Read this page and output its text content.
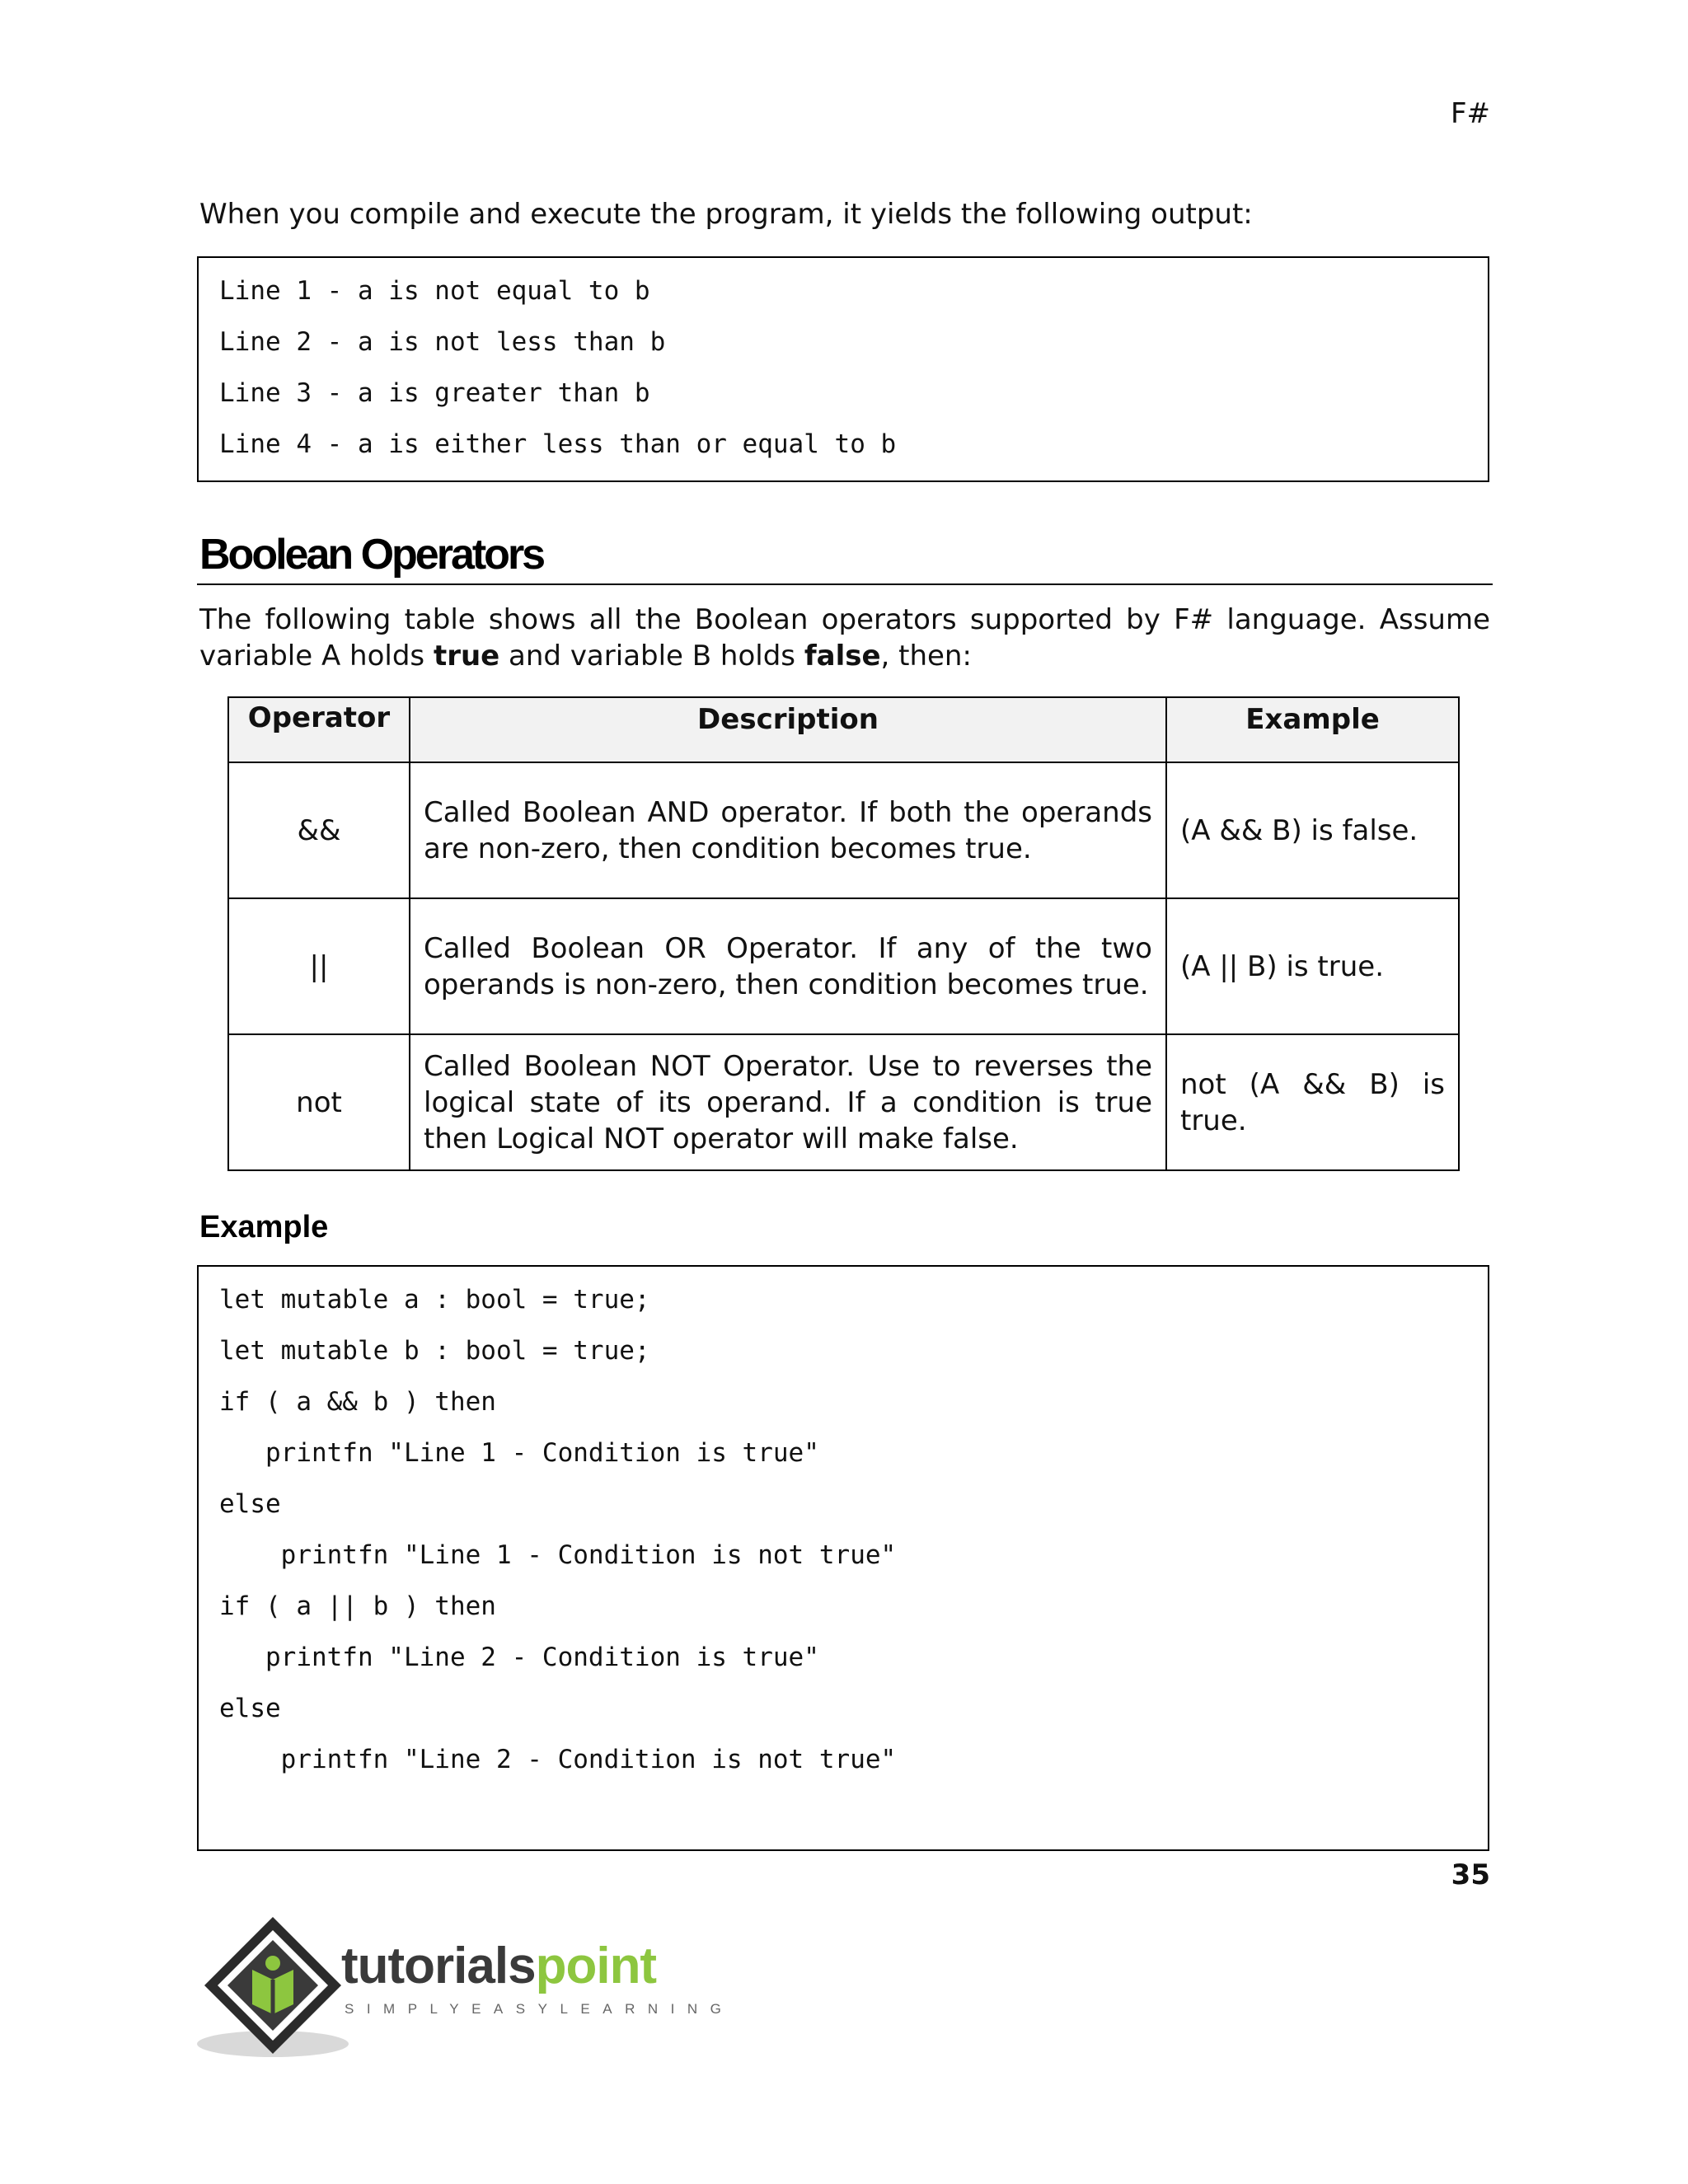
F#
When you compile and execute the program, it yields the following output:
Line 1 - a is not equal to b
Line 2 - a is not less than b
Line 3 - a is greater than b
Line 4 - a is either less than or equal to b
Boolean Operators
The following table shows all the Boolean operators supported by F# language. Assume variable A holds true and variable B holds false, then:
Operator	Description	Example
&&	Called Boolean AND operator. If both the operands are non-zero, then condition becomes true.	(A && B) is false.
||	Called Boolean OR Operator. If any of the two operands is non-zero, then condition becomes true.	(A || B) is true.
not	Called Boolean NOT Operator. Use to reverses the logical state of its operand. If a condition is true then Logical NOT operator will make false.	not (A && B) is true.
Example
let mutable a : bool = true;
let mutable b : bool = true;
if ( a && b ) then
printfn "Line 1 - Condition is true"
else
printfn "Line 1 - Condition is not true"
if ( a || b ) then
printfn "Line 2 - Condition is true"
else
printfn "Line 2 - Condition is not true"
35
tutorialspoint
SIMPLYEASYLEARNING
